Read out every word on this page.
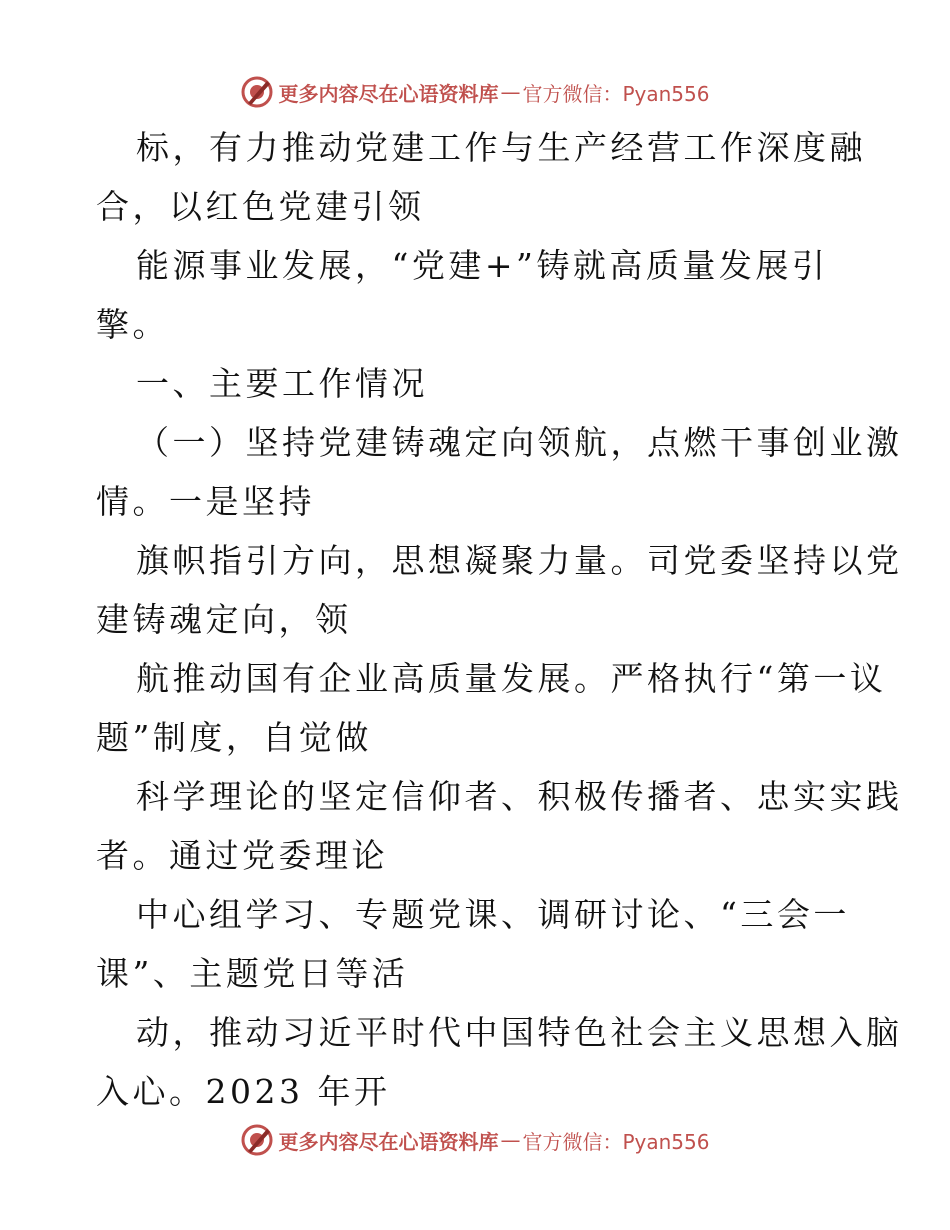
更多内容尽在心语资料库 — 官方微信：Pyan556
标，有力推动党建工作与生产经营工作深度融
合，以红色党建引领
能源事业发展，“党建+”铸就高质量发展引
擎。
一、主要工作情况
（一）坚持党建铸魂定向领航，点燃干事创业激
情。一是坚持
旗帜指引方向，思想凝聚力量。司党委坚持以党
建铸魂定向，领
航推动国有企业高质量发展。严格执行“第一议
题”制度，自觉做
科学理论的坚定信仰者、积极传播者、忠实实践
者。通过党委理论
中心组学习、专题党课、调研讨论、“三会一
课”、主题党日等活
动，推动习近平时代中国特色社会主义思想入脑
入心。2023 年开
更多内容尽在心语资料库 — 官方微信：Pyan556
